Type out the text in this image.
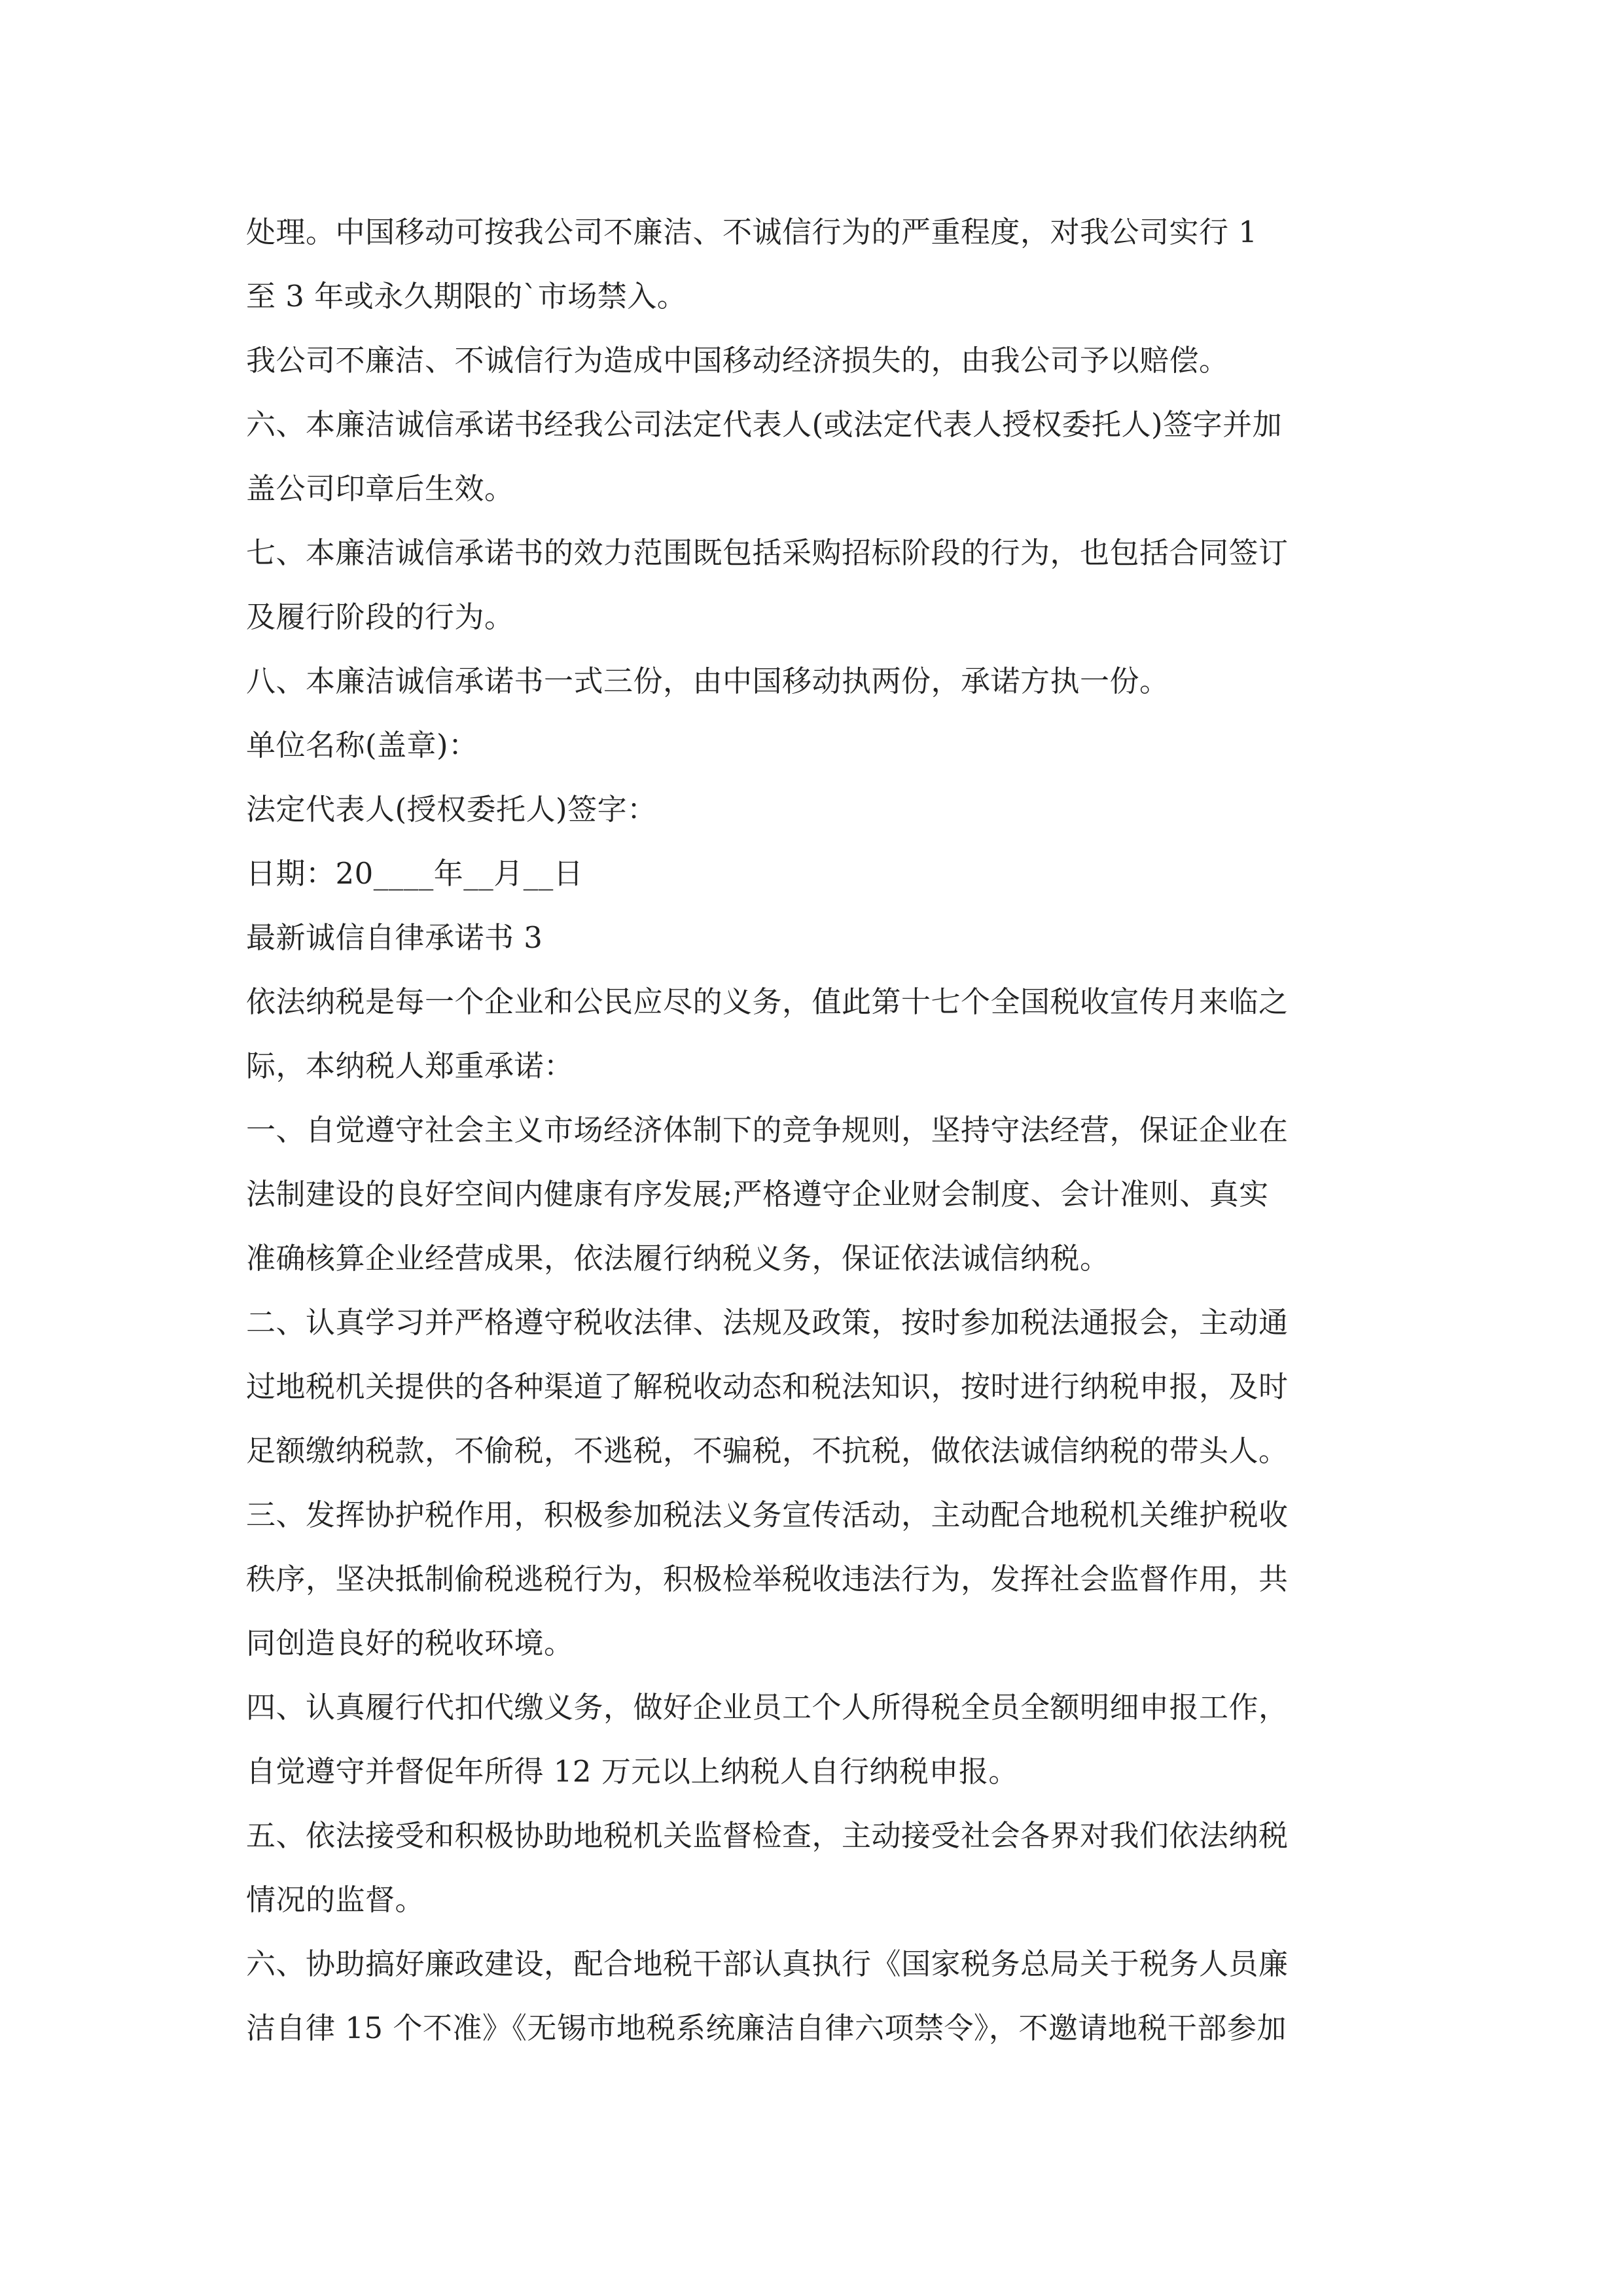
处理。中国移动可按我公司不廉洁、不诚信行为的严重程度，对我公司实行 1
至 3 年或永久期限的`市场禁入。
我公司不廉洁、不诚信行为造成中国移动经济损失的，由我公司予以赔偿。
六、本廉洁诚信承诺书经我公司法定代表人(或法定代表人授权委托人)签字并加
盖公司印章后生效。
七、本廉洁诚信承诺书的效力范围既包括采购招标阶段的行为，也包括合同签订
及履行阶段的行为。
八、本廉洁诚信承诺书一式三份，由中国移动执两份，承诺方执一份。
单位名称(盖章)：
法定代表人(授权委托人)签字：
日期：20____年__月__日
最新诚信自律承诺书 3
依法纳税是每一个企业和公民应尽的义务，值此第十七个全国税收宣传月来临之
际，本纳税人郑重承诺：
一、自觉遵守社会主义市场经济体制下的竞争规则，坚持守法经营，保证企业在
法制建设的良好空间内健康有序发展;严格遵守企业财会制度、会计准则、真实
准确核算企业经营成果，依法履行纳税义务，保证依法诚信纳税。
二、认真学习并严格遵守税收法律、法规及政策，按时参加税法通报会，主动通
过地税机关提供的各种渠道了解税收动态和税法知识，按时进行纳税申报，及时
足额缴纳税款，不偷税，不逃税，不骗税，不抗税，做依法诚信纳税的带头人。
三、发挥协护税作用，积极参加税法义务宣传活动，主动配合地税机关维护税收
秩序，坚决抵制偷税逃税行为，积极检举税收违法行为，发挥社会监督作用，共
同创造良好的税收环境。
四、认真履行代扣代缴义务，做好企业员工个人所得税全员全额明细申报工作，
自觉遵守并督促年所得 12 万元以上纳税人自行纳税申报。
五、依法接受和积极协助地税机关监督检查，主动接受社会各界对我们依法纳税
情况的监督。
六、协助搞好廉政建设，配合地税干部认真执行《国家税务总局关于税务人员廉
洁自律 15 个不准》《无锡市地税系统廉洁自律六项禁令》，不邀请地税干部参加
